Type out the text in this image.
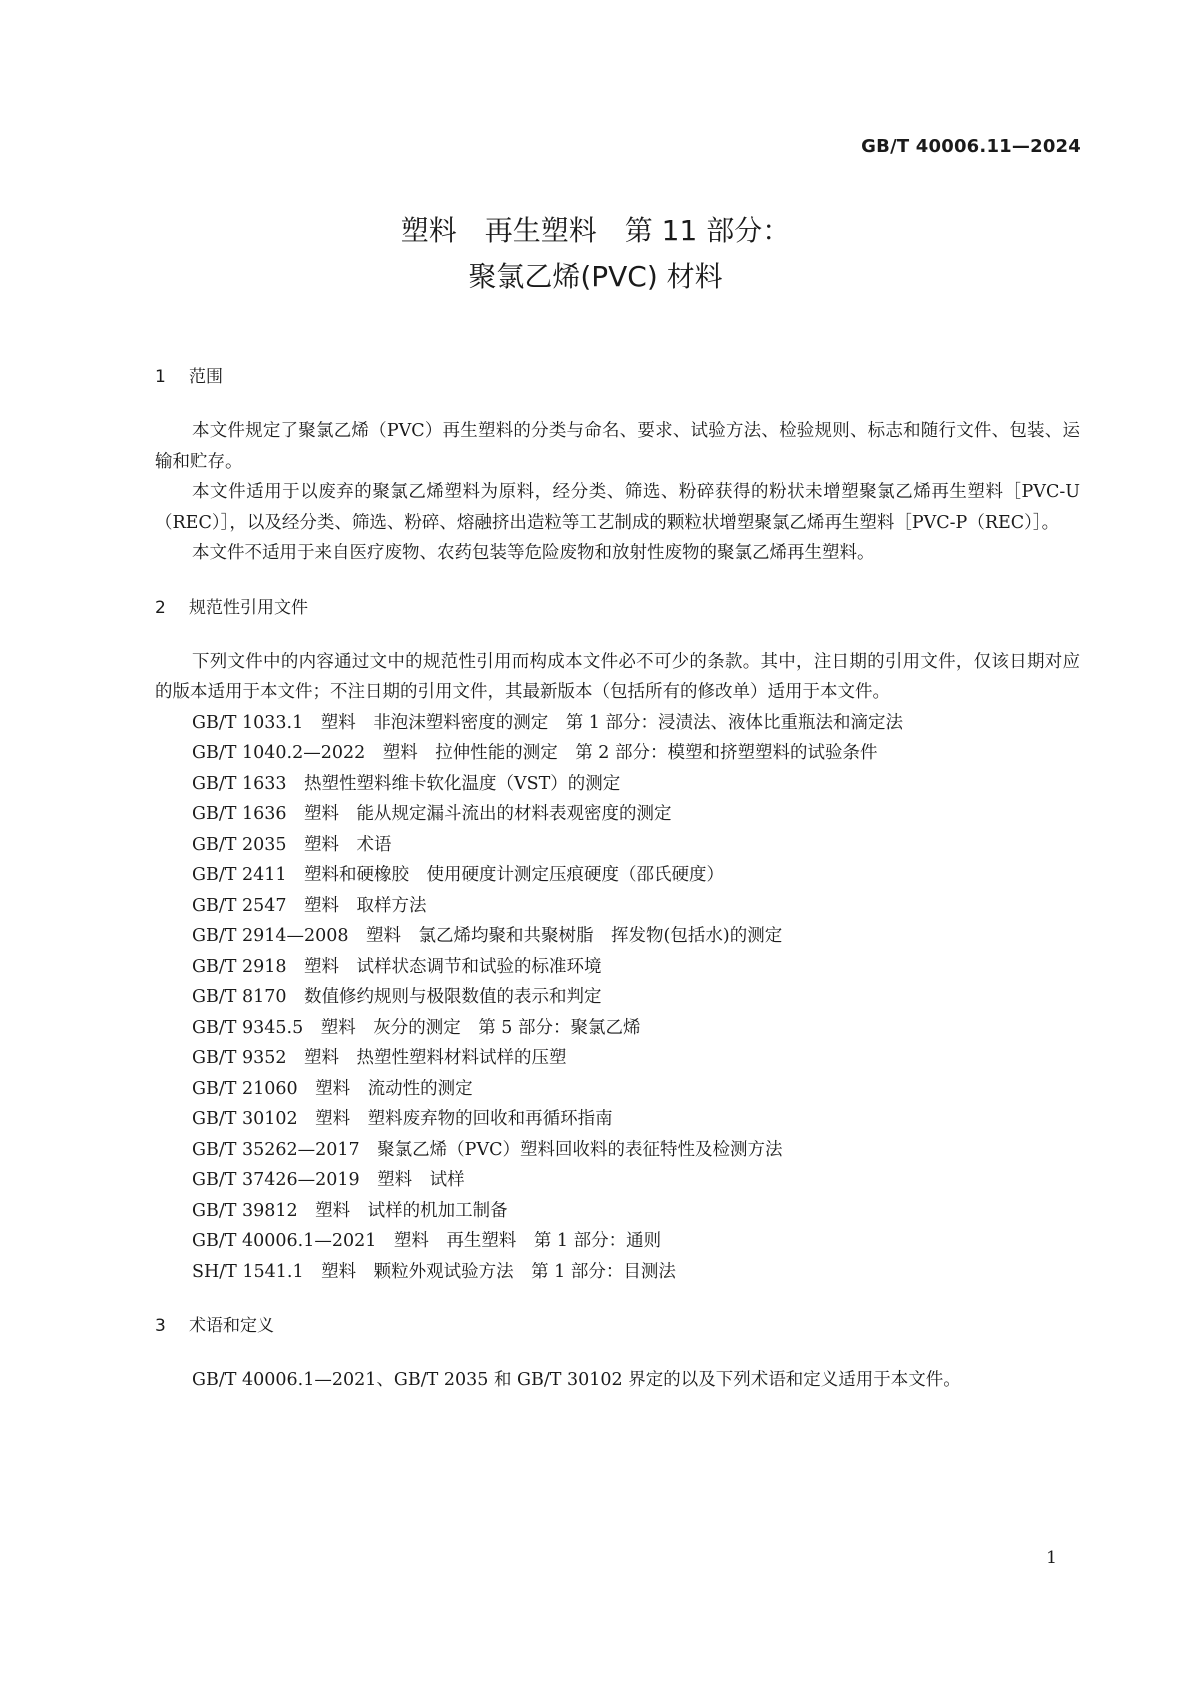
GB/T 40006.11—2024
塑料　再生塑料　第 11 部分：
聚氯乙烯(PVC) 材料
1 范围

本文件规定了聚氯乙烯（PVC）再生塑料的分类与命名、要求、试验方法、检验规则、标志和随行文件、包装、运输和贮存。

本文件适用于以废弃的聚氯乙烯塑料为原料，经分类、筛选、粉碎获得的粉状未增塑聚氯乙烯再生塑料［PVC-U（REC）］，以及经分类、筛选、粉碎、熔融挤出造粒等工艺制成的颗粒状增塑聚氯乙烯再生塑料［PVC-P（REC）］。

本文件不适用于来自医疗废物、农药包装等危险废物和放射性废物的聚氯乙烯再生塑料。

2 规范性引用文件

下列文件中的内容通过文中的规范性引用而构成本文件必不可少的条款。其中，注日期的引用文件，仅该日期对应的版本适用于本文件；不注日期的引用文件，其最新版本（包括所有的修改单）适用于本文件。

GB/T 1033.1　塑料　非泡沫塑料密度的测定　第 1 部分：浸渍法、液体比重瓶法和滴定法
GB/T 1040.2—2022　塑料　拉伸性能的测定　第 2 部分：模塑和挤塑塑料的试验条件
GB/T 1633　热塑性塑料维卡软化温度（VST）的测定
GB/T 1636　塑料　能从规定漏斗流出的材料表观密度的测定
GB/T 2035　塑料　术语
GB/T 2411　塑料和硬橡胶　使用硬度计测定压痕硬度（邵氏硬度）
GB/T 2547　塑料　取样方法
GB/T 2914—2008　塑料　氯乙烯均聚和共聚树脂　挥发物(包括水)的测定
GB/T 2918　塑料　试样状态调节和试验的标准环境
GB/T 8170　数值修约规则与极限数值的表示和判定
GB/T 9345.5　塑料　灰分的测定　第 5 部分：聚氯乙烯
GB/T 9352　塑料　热塑性塑料材料试样的压塑
GB/T 21060　塑料　流动性的测定
GB/T 30102　塑料　塑料废弃物的回收和再循环指南
GB/T 35262—2017　聚氯乙烯（PVC）塑料回收料的表征特性及检测方法
GB/T 37426—2019　塑料　试样
GB/T 39812　塑料　试样的机加工制备
GB/T 40006.1—2021　塑料　再生塑料　第 1 部分：通则
SH/T 1541.1　塑料　颗粒外观试验方法　第 1 部分：目测法
3 术语和定义

GB/T 40006.1—2021、GB/T 2035 和 GB/T 30102 界定的以及下列术语和定义适用于本文件。

1
